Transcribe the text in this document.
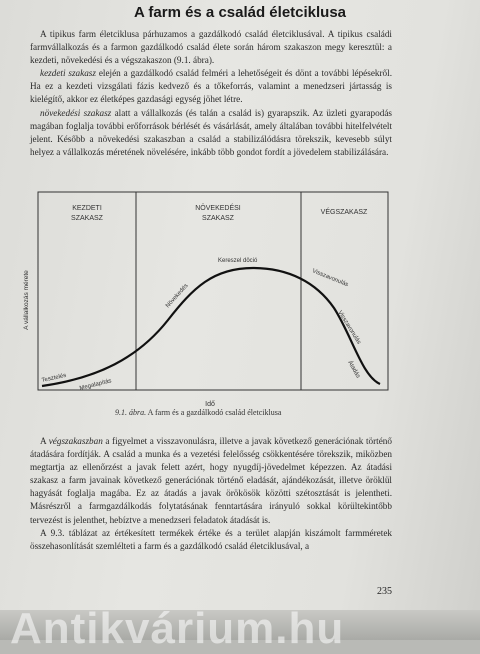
A farm és a család életciklusa

A tipikus farm életciklusa párhuzamos a gazdálkodó család életciklusával. A tipikus családi farmvállalkozás és a farmon gazdálkodó család élete során három szakaszon megy keresztül: a kezdeti, növekedési és a végszakaszon (9.1. ábra).

kezdeti szakasz elején a gazdálkodó család felméri a lehetőségeit és dönt a további lépésekről. Ha ez a kezdeti vizsgálati fázis kedvező és a tőkeforrás, valamint a menedzseri jártasság is kielégítő, akkor ez életképes gazdasági egység jöhet létre.

növekedési szakasz alatt a vállalkozás (és talán a család is) gyarapszik. Az üzleti gyarapodás magában foglalja további erőforrások bérlését és vásárlását, amely általában további hitelfelvételt jelent. Később a növekedési szakaszban a család a stabilizálódásra törekszik, kevesebb súlyt helyez a vállalkozás méretének növelésére, inkább több gondot fordít a jövedelem stabilizálására.

KEZDETI
SZAKASZ
NÖVEKEDÉSI
SZAKASZ
VÉGSZAKASZ
A vállalkozás mérete
Idő
Tesztelés Megalapítás
Növekedés
Kereszel döció
Visszavonulás
Visszavonulás
Átadás
9.1. ábra. A farm és a gazdálkodó család életciklusa

A végszakaszban a figyelmet a visszavonulásra, illetve a javak következő generációnak történő átadására fordítják. A család a munka és a vezetési felelősség csökkentésére törekszik, miközben megtartja az ellenőrzést a javak felett azért, hogy nyugdíj-jövedelmet képezzen. Az átadási szakasz a farm javainak következő generációnak történő eladását, ajándékozását, illetve öröklül hagyását foglalja magába. Ez az átadás a javak örökösök közötti szétosztását is jelentheti. Másrészről a farmgazdálkodás folytatásának fenntartására irányuló sokkal körültekintőbb tervezést is jelenthet, hebíztve a menedzseri feladatok átadását is.

A 9.3. táblázat az értékesített termékek értéke és a terület alapján kiszámolt farmméretek összehasonlítását szemlélteti a farm és a gazdálkodó család életciklusával, a

235
Antikvárium.hu
